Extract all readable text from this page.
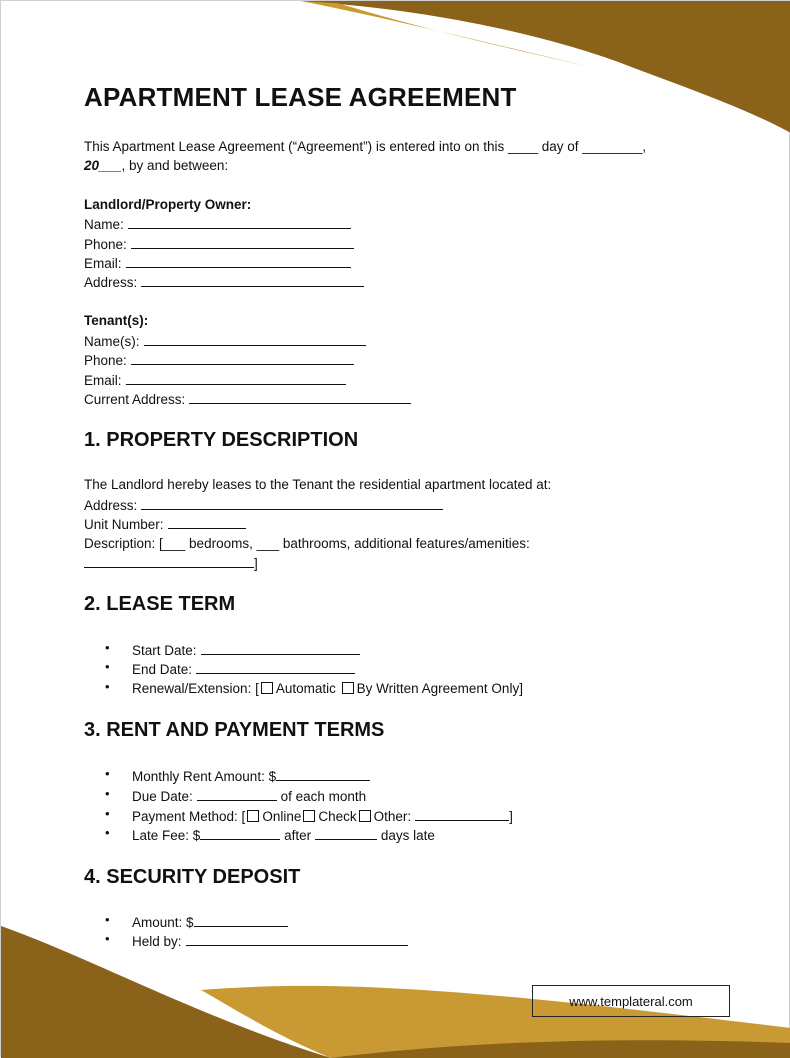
APARTMENT LEASE AGREEMENT
This Apartment Lease Agreement (“Agreement”) is entered into on this ____ day of ________,
20___, by and between:
Landlord/Property Owner:
Name:
Phone:
Email:
Address:
Tenant(s):
Name(s):
Phone:
Email:
Current Address:
1. PROPERTY DESCRIPTION
The Landlord hereby leases to the Tenant the residential apartment located at:
Address:
Unit Number:
Description: [___ bedrooms, ___ bathrooms, additional features/amenities:
]
2. LEASE TERM
•
Start Date:
•
End Date:
• Renewal/Extension: [ Automatic By Written Agreement Only]
3. RENT AND PAYMENT TERMS
• Monthly Rent Amount: $
• Due Date:	of each month
• Payment Method: [ Online Check Other:	]
• Late Fee: $	after	days late
4. SECURITY DEPOSIT
• Amount: $
• Held by:
www.templateral.com
